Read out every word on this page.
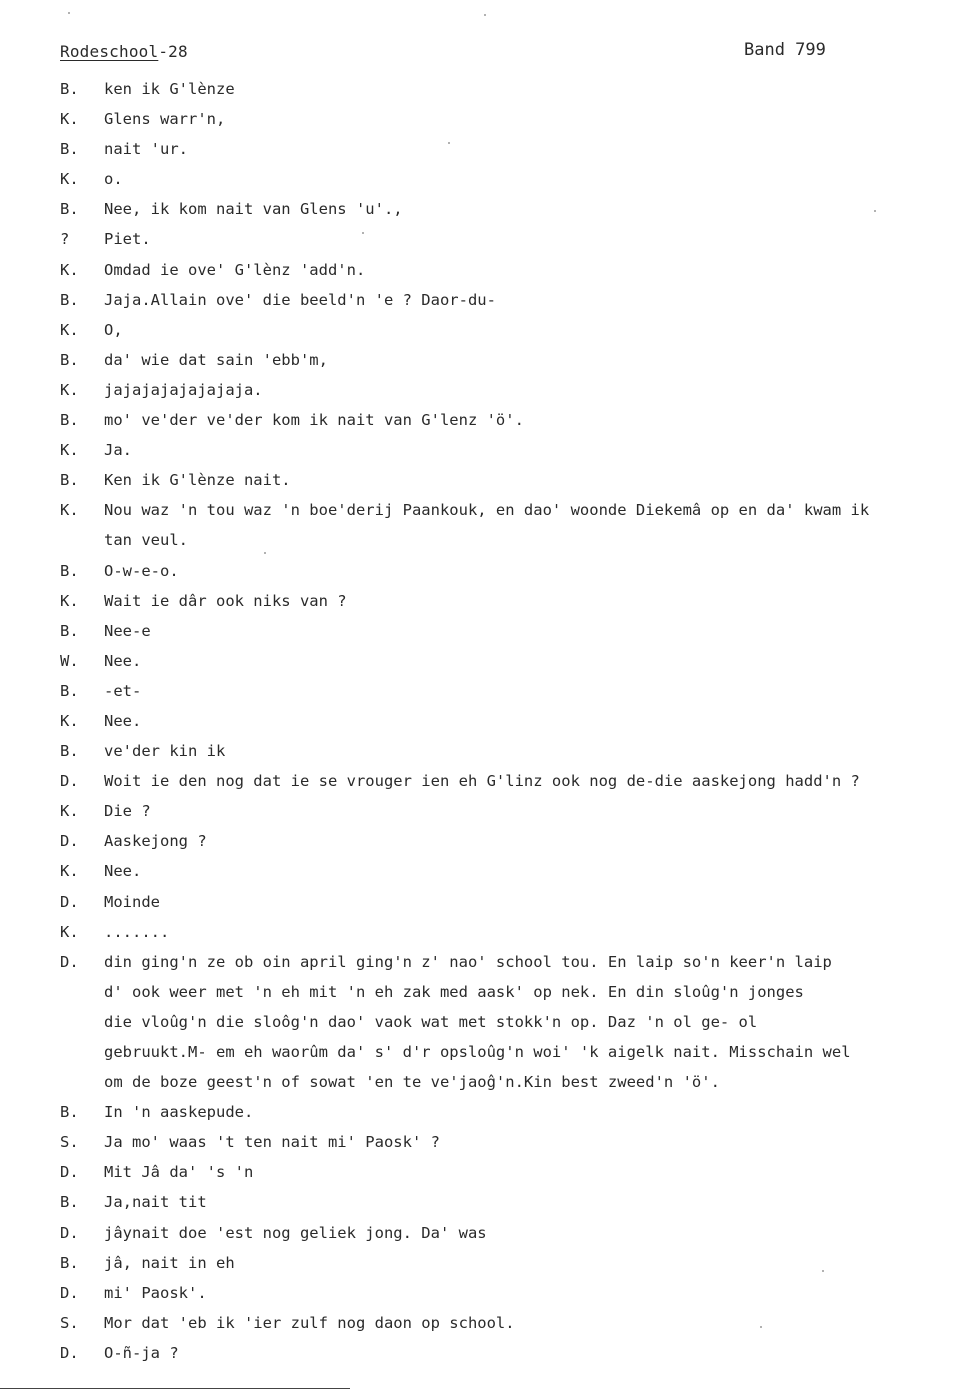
Rodeschool-28	Band 799
B.	ken ik G'lènze
K.	Glens warr'n,
B.	nait 'ur.
K.	o.
B.	Nee, ik kom nait van Glens 'u'.,
?	Piet.
K.	Omdad ie ove' G'lènz 'add'n.
B.	Jaja.Allain ove' die beeld'n 'e ? Daor-du-
K.	O,
B.	da' wie dat sain 'ebb'm,
K.	jajajajajajajaja.
B.	mo' ve'der ve'der kom ik nait van G'lenz 'ö'.
K.	Ja.
B.	Ken ik G'lènze nait.
K.	Nou waz 'n tou waz 'n boe'derij Paankouk, en dao' woonde Diekemâ op en da' kwam ik
tan veul.
B.	O-w-e-o.
K.	Wait ie dâr ook niks van ?
B.	Nee-e
W.	Nee.
B.	-et-
K.	Nee.
B.	ve'der kin ik
D.	Woit ie den nog dat ie se vrouger ien eh G'linz ook nog de-die aaskejong hadd'n ?
K.	Die ?
D.	Aaskejong ?
K.	Nee.
D.	Moinde
K.	.......
D.	din ging'n ze ob oin april ging'n z' nao' school tou. En laip so'n keer'n laip
d' ook weer met 'n eh mit 'n eh zak med aask' op nek. En din sloûg'n jonges
die vloûg'n die sloôg'n dao' vaok wat met stokk'n op. Daz 'n ol ge- ol
gebruukt.M- em eh waorûm da' s' d'r opsloûg'n woi' 'k aigelk nait. Misschain wel
om de boze geest'n of sowat 'en te ve'jaoĝ'n.Kin best zweed'n 'ö'.
B.	In 'n aaskepude.
S.	Ja mo' waas 't ten nait mi' Paosk' ?
D.	Mit Jâ da' 's 'n
B.	Ja,nait tit
D.	jâynait doe 'est nog geliek jong. Da' was
B.	jâ, nait in eh
D.	mi' Paosk'.
S.	Mor dat 'eb ik 'ier zulf nog daon op school.
D.	O-ñ-ja ?
